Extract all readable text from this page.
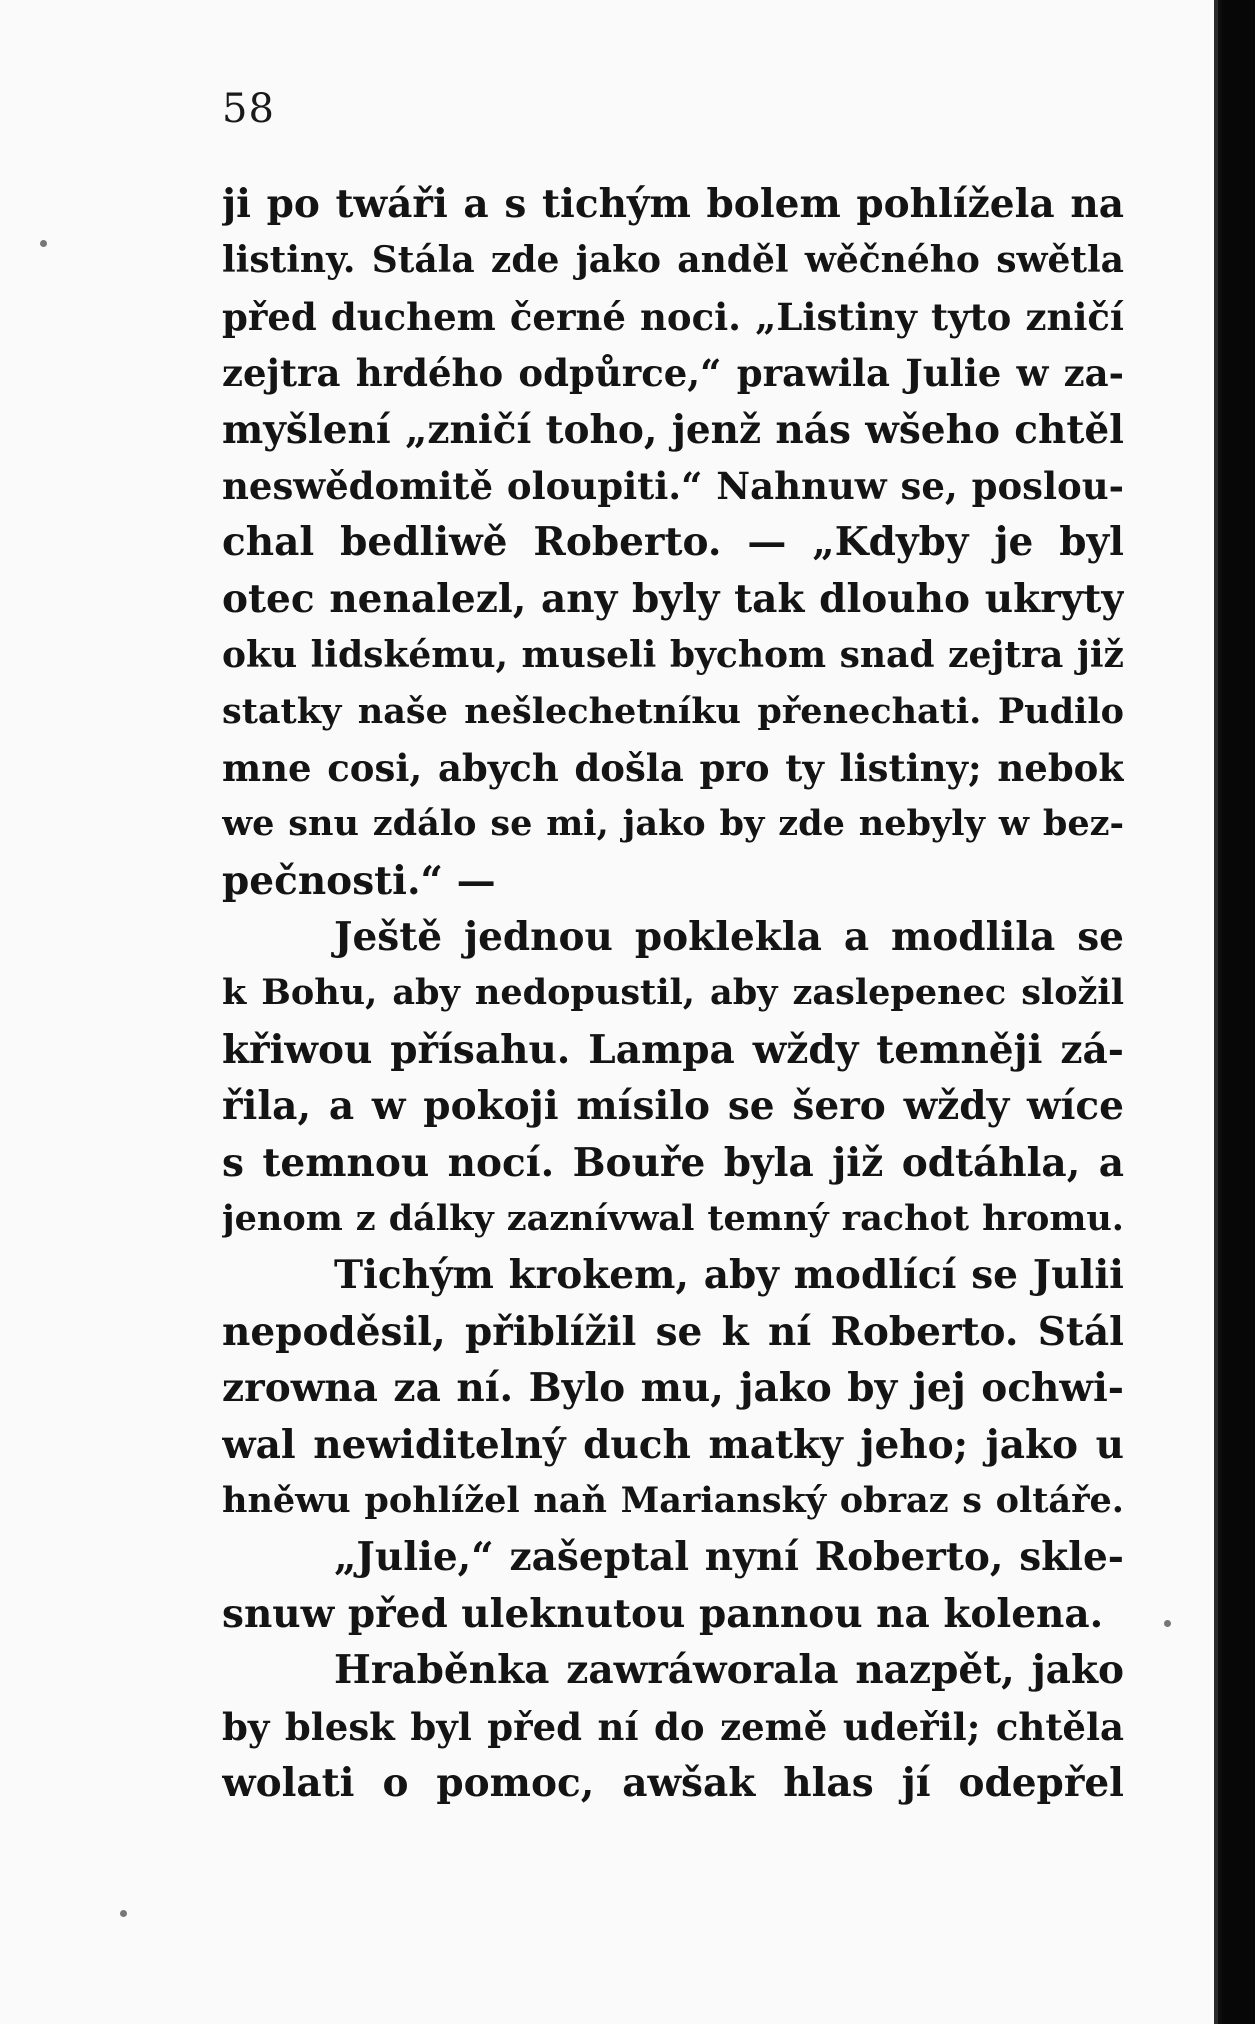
58
ji po twáři a s tichým bolem pohlížela na
listiny. Stála zde jako anděl wěčného swětla
před duchem černé noci. „Listiny tyto zničí
zejtra hrdého odpůrce,“ prawila Julie w za-
myšlení „zničí toho, jenž nás wšeho chtěl
neswědomitě oloupiti.“ Nahnuw se, poslou-
chal bedliwě Roberto. — „Kdyby je byl
otec nenalezl, any byly tak dlouho ukryty
oku lidskému, museli bychom snad zejtra již
statky naše nešlechetníku přenechati. Pudilo
mne cosi, abych došla pro ty listiny; nebok
we snu zdálo se mi, jako by zde nebyly w bez-
pečnosti.“ —
Ještě jednou poklekla a modlila se
k Bohu, aby nedopustil, aby zaslepenec složil
křiwou přísahu. Lampa wždy temněji zá-
řila, a w pokoji mísilo se šero wždy wíce
s temnou nocí. Bouře byla již odtáhla, a
jenom z dálky zaznívwal temný rachot hromu.
Tichým krokem, aby modlící se Julii
nepoděsil, přiblížil se k ní Roberto. Stál
zrowna za ní. Bylo mu, jako by jej ochwi-
wal newiditelný duch matky jeho; jako u
hněwu pohlížel naň Marianský obraz s oltáře.
„Julie,“ zašeptal nyní Roberto, skle-
snuw před uleknutou pannou na kolena.
Hraběnka zawráworala nazpět, jako
by blesk byl před ní do země udeřil; chtěla
wolati o pomoc, awšak hlas jí odepřel
